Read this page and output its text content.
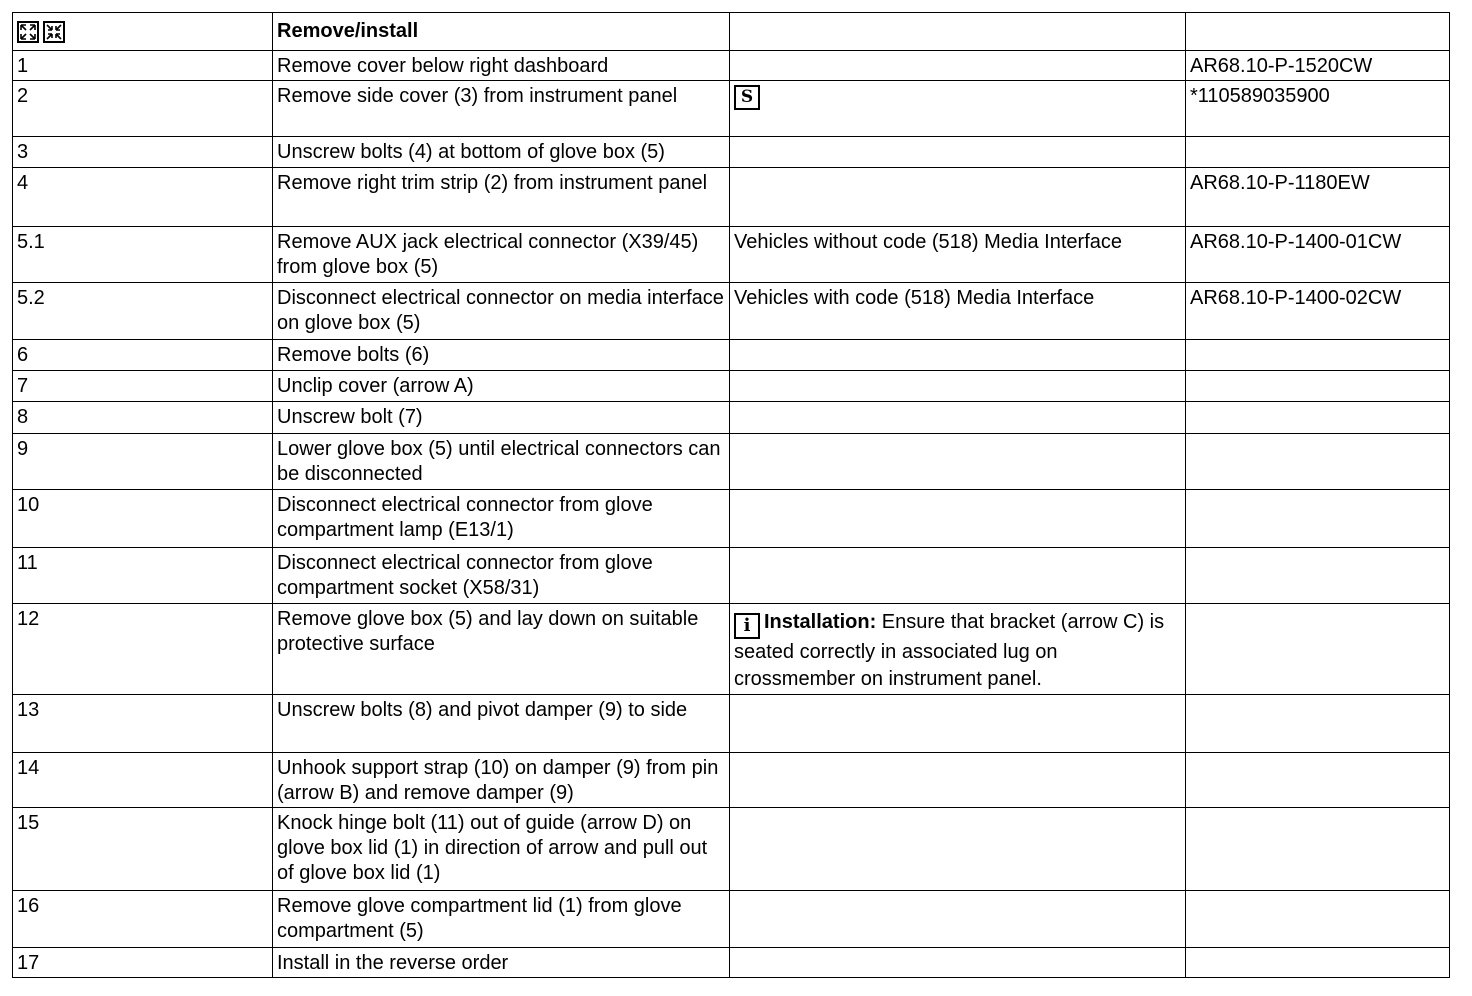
	Remove/install		
1	Remove cover below right dashboard		AR68.10-P-1520CW
2	Remove side cover (3) from instrument panel	S	*110589035900
3	Unscrew bolts (4) at bottom of glove box (5)		
4	Remove right trim strip (2) from instrument panel		AR68.10-P-1180EW
5.1	Remove AUX jack electrical connector (X39/45) from glove box (5)	Vehicles without code (518) Media Interface	AR68.10-P-1400-01CW
5.2	Disconnect electrical connector on media interface on glove box (5)	Vehicles with code (518) Media Interface	AR68.10-P-1400-02CW
6	Remove bolts (6)		
7	Unclip cover (arrow A)		
8	Unscrew bolt (7)		
9	Lower glove box (5) until electrical connectors can be disconnected		
10	Disconnect electrical connector from glove compartment lamp (E13/1)		
11	Disconnect electrical connector from glove compartment socket (X58/31)		
12	Remove glove box (5) and lay down on suitable protective surface	i Installation: Ensure that bracket (arrow C) is seated correctly in associated lug on crossmember on instrument panel.	
13	Unscrew bolts (8) and pivot damper (9) to side		
14	Unhook support strap (10) on damper (9) from pin (arrow B) and remove damper (9)		
15	Knock hinge bolt (11) out of guide (arrow D) on glove box lid (1) in direction of arrow and pull out of glove box lid (1)		
16	Remove glove compartment lid (1) from glove compartment (5)		
17	Install in the reverse order		
